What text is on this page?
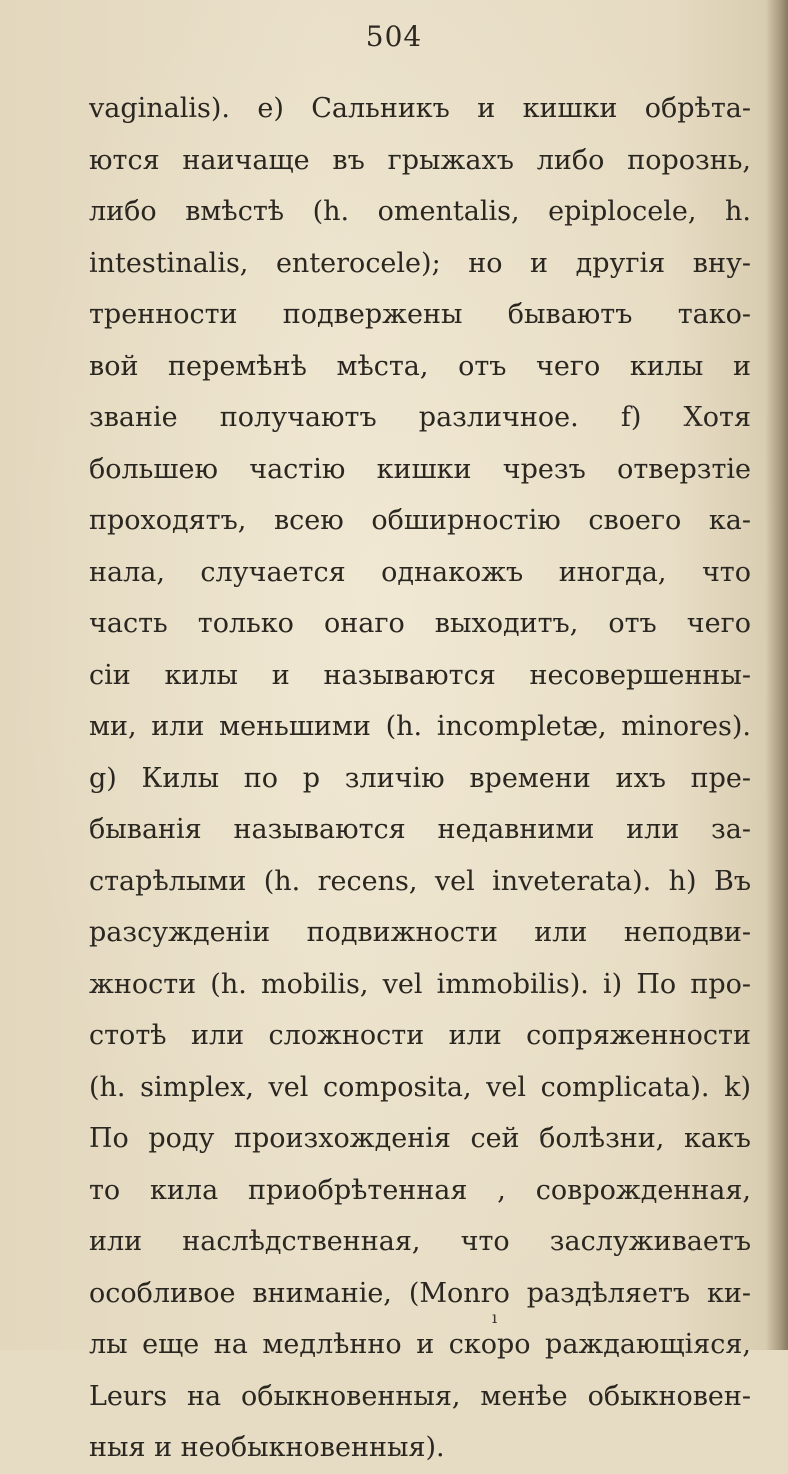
504
vaginalis). e) Сальникъ и кишки обрѣта-
ются наичаще въ грыжахъ либо порознь,
либо вмѣстѣ (h. omentalis, epiplocele, h.
intestinalis, enterocele); но и другія вну-
тренности подвержены бываютъ тако-
вой перемѣнѣ мѣста, отъ чего килы и
званіе получаютъ различное. f) Хотя
большею частію кишки чрезъ отверзтіе
проходятъ, всею обширностію своего ка-
нала, случается однакожъ иногда, что
часть только онаго выходитъ, отъ чего
сіи килы и называются несовершенны-
ми, или меньшими (h. incompletæ, minores).
g) Килы по р зличію времени ихъ пре-
быванія называются недавними или за-
старѣлыми (h. recens, vel inveterata). h) Въ
разсужденіи подвижности или неподви-
жности (h. mobilis, vel immobilis). i) По про-
стотѣ или сложности или сопряженности
(h. simplex, vel composita, vel complicata). k)
По роду произхожденія сей болѣзни, какъ
то кила приобрѣтенная , соврожденная,
или наслѣдственная, что заслуживаетъ
особливое вниманіе, (Monro раздѣляетъ ки-
лы еще на медлѣнно и скоро раждающіяся,
Leurs на обыкновенныя, менѣе обыкновен-
ныя и необыкновенныя).
ı
